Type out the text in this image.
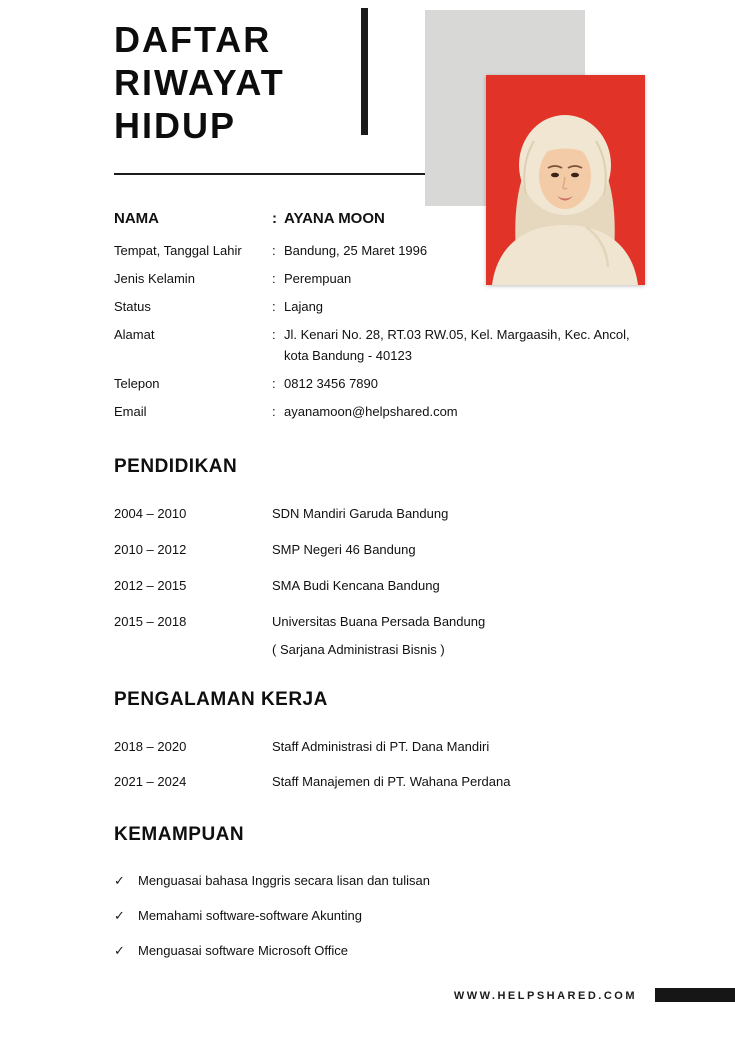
DAFTAR
RIWAYAT
HIDUP
NAMA	: AYANA MOON
Tempat, Tanggal Lahir	: Bandung, 25 Maret 1996
Jenis Kelamin	: Perempuan
Status	: Lajang
Alamat	: Jl. Kenari No. 28, RT.03 RW.05, Kel. Margaasih, Kec. Ancol,
kota Bandung - 40123
Telepon	: 0812 3456 7890
Email	: ayanamoon@helpshared.com
PENDIDIKAN
2004 – 2010	SDN Mandiri Garuda Bandung
2010 – 2012	SMP Negeri 46 Bandung
2012 – 2015	SMA Budi Kencana Bandung
2015 – 2018	Universitas Buana Persada Bandung
( Sarjana Administrasi Bisnis )
PENGALAMAN KERJA
2018 – 2020	Staff Administrasi di PT. Dana Mandiri
2021 – 2024	Staff Manajemen di PT. Wahana Perdana
KEMAMPUAN
✓	Menguasai bahasa Inggris secara lisan dan tulisan
✓	Memahami software-software Akunting
✓	Menguasai software Microsoft Office
WWW.HELPSHARED.COM
